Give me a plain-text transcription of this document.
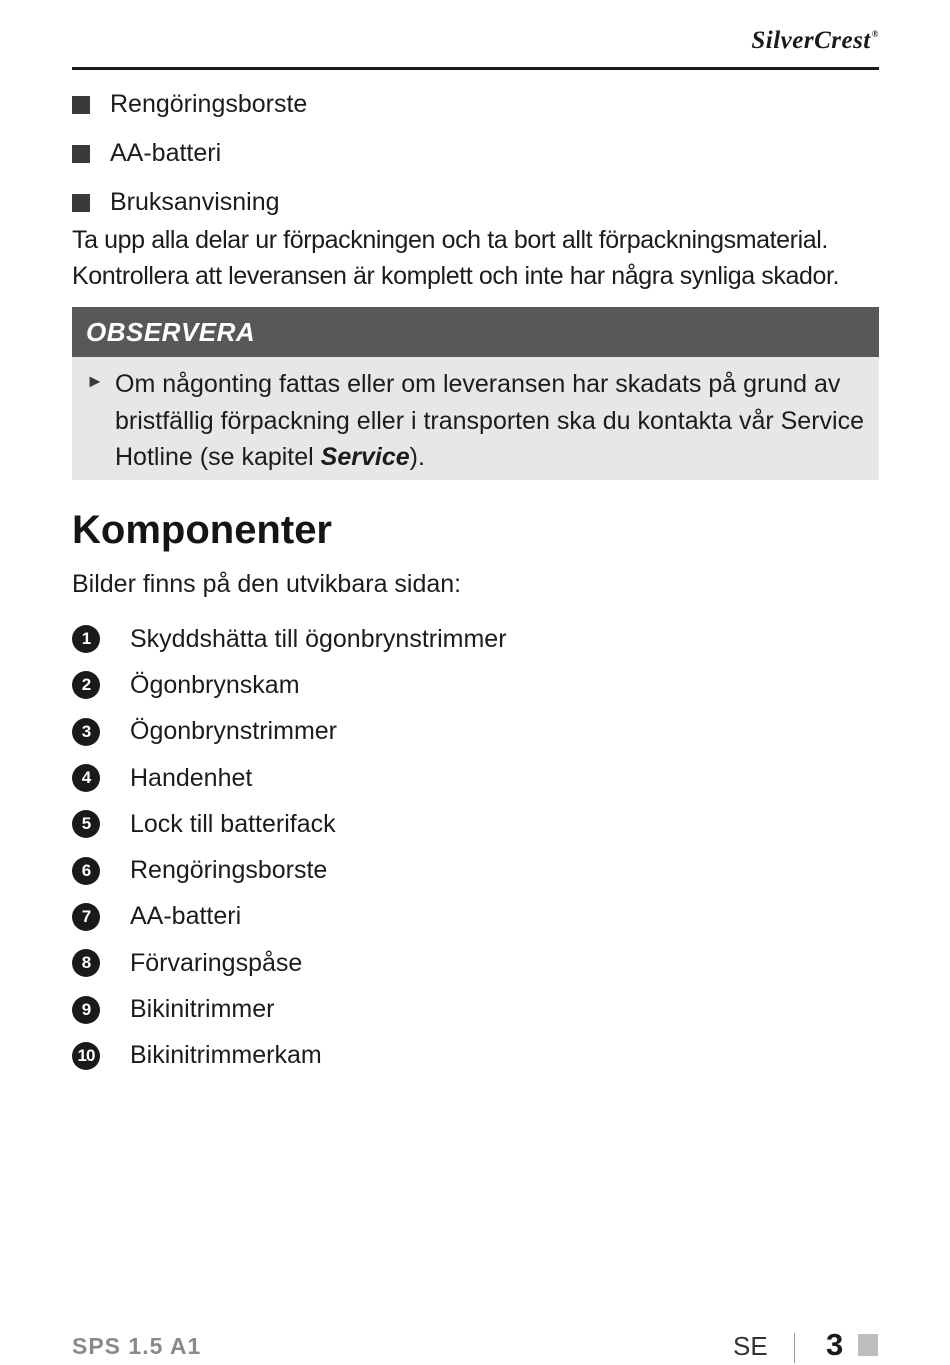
SilverCrest®
Rengöringsborste
AA-batteri
Bruksanvisning
Ta upp alla delar ur förpackningen och ta bort allt förpackningsmaterial. Kontrollera att leveransen är komplett och inte har några synliga skador.
OBSERVERA
► Om någonting fattas eller om leveransen har skadats på grund av bristfällig förpackning eller i transporten ska du kontakta vår Service Hotline (se kapitel Service).
Komponenter
Bilder finns på den utvikbara sidan:
1	Skyddshätta till ögonbrynstrimmer
2	Ögonbrynskam
3	Ögonbrynstrimmer
4	Handenhet
5	Lock till batterifack
6	Rengöringsborste
7	AA-batteri
8	Förvaringspåse
9	Bikinitrimmer
10 Bikinitrimmerkam
SPS 1.5 A1	SE 3
